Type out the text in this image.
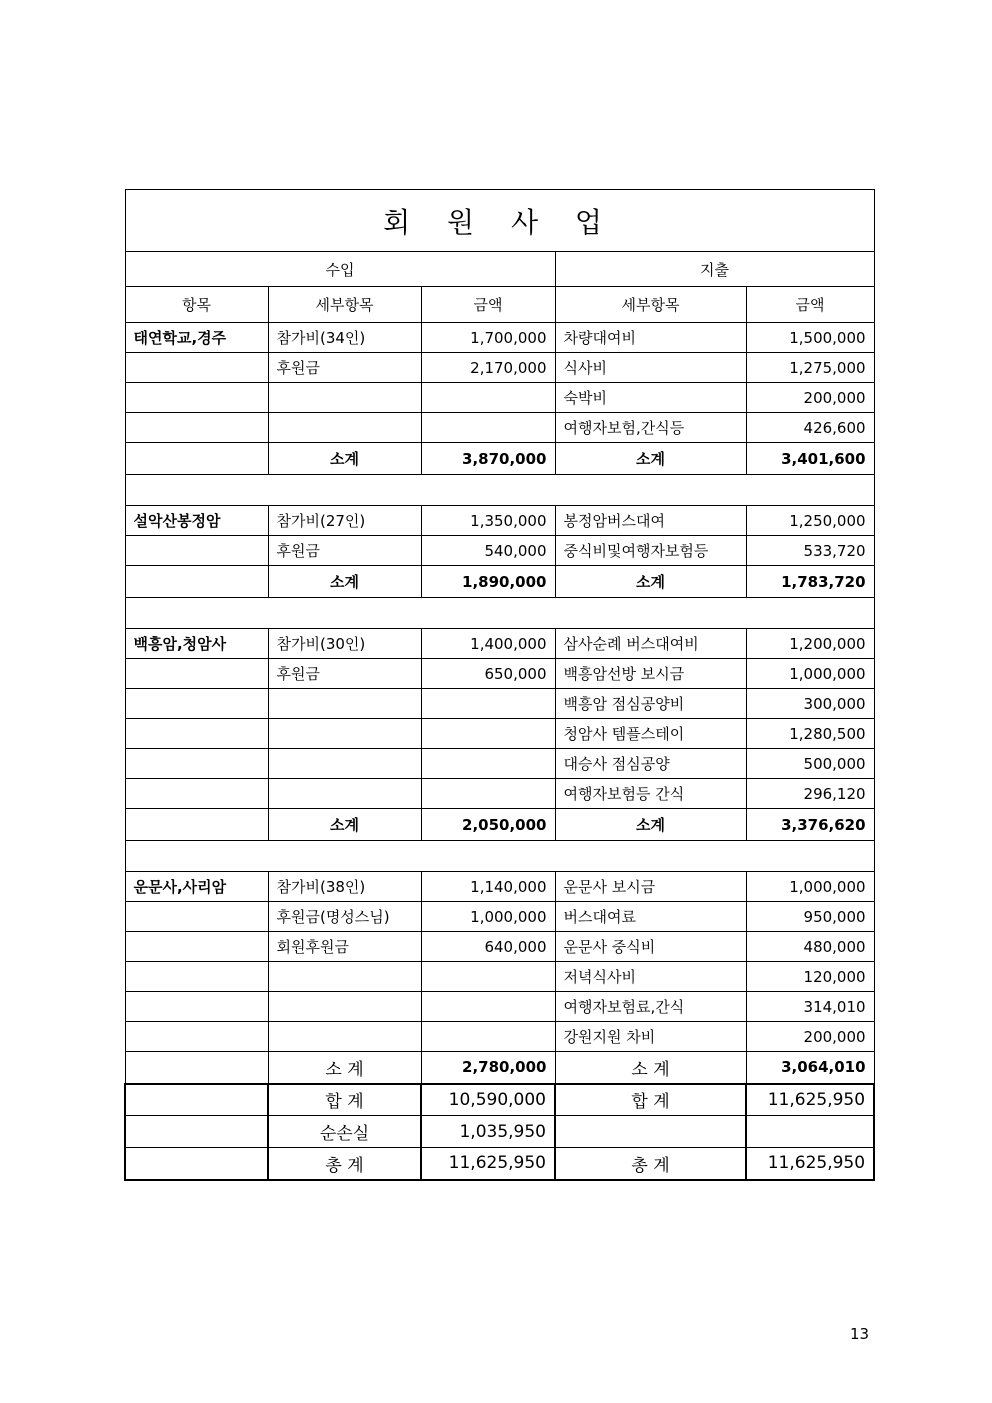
회 원 사 업				
수입			지출	
항목	세부항목	금액	세부항목	금액
태연학교,경주	참가비(34인)	1,700,000	차량대여비	1,500,000
	후원금	2,170,000	식사비	1,275,000
			숙박비	200,000
			여행자보험,간식등	426,600
	소계	3,870,000	소계	3,401,600

설악산봉정암	참가비(27인)	1,350,000	봉정암버스대여	1,250,000
	후원금	540,000	중식비및여행자보험등	533,720
	소계	1,890,000	소계	1,783,720

백흥암,청암사	참가비(30인)	1,400,000	삼사순례 버스대여비	1,200,000
	후원금	650,000	백흥암선방 보시금	1,000,000
			백흥암 점심공양비	300,000
			청암사 템플스테이	1,280,500
			대승사 점심공양	500,000
			여행자보험등 간식	296,120
	소계	2,050,000	소계	3,376,620

운문사,사리암	참가비(38인)	1,140,000	운문사 보시금	1,000,000
	후원금(명성스님)	1,000,000	버스대여료	950,000
	회원후원금	640,000	운문사 중식비	480,000
			저녁식사비	120,000
			여행자보험료,간식	314,010
			강원지원 차비	200,000
	소 계	2,780,000	소 계	3,064,010
	합 계	10,590,000	합 계	11,625,950
	순손실	1,035,950		
	총 계	11,625,950	총 계	11,625,950
13
